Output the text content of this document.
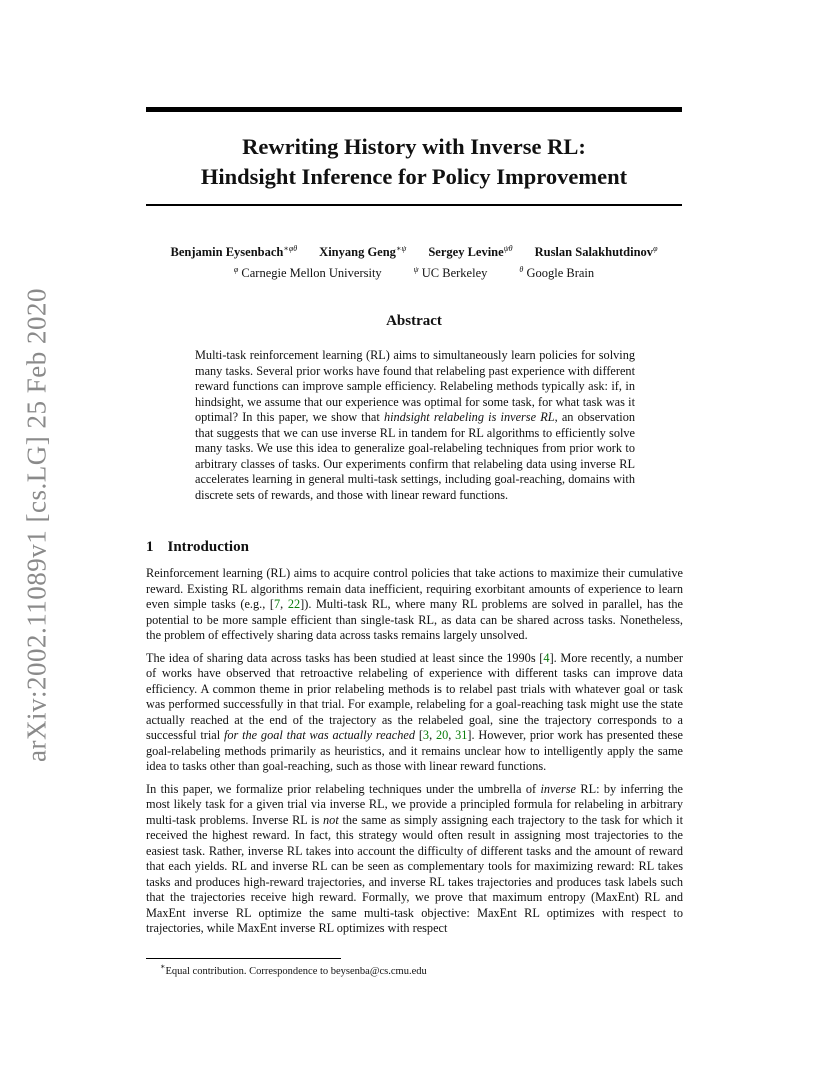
arXiv:2002.11089v1 [cs.LG] 25 Feb 2020
Rewriting History with Inverse RL:
Hindsight Inference for Policy Improvement
Benjamin Eysenbach$^{∗\varphi\theta}$ Xinyang Geng$^{∗\psi}$ Sergey Levine$^{\psi\theta}$ Ruslan Salakhutdinov$^\varphi$
$^\varphi$ Carnegie Mellon University	$^\psi$ UC Berkeley	$^\theta$ Google Brain
Abstract
Multi-task reinforcement learning (RL) aims to simultaneously learn policies for solving many tasks. Several prior works have found that relabeling past experience with different reward functions can improve sample efficiency. Relabeling methods typically ask: if, in hindsight, we assume that our experience was optimal for some task, for what task was it optimal? In this paper, we show that hindsight relabeling is inverse RL, an observation that suggests that we can use inverse RL in tandem for RL algorithms to efficiently solve many tasks. We use this idea to generalize goal-relabeling techniques from prior work to arbitrary classes of tasks. Our experiments confirm that relabeling data using inverse RL accelerates learning in general multi-task settings, including goal-reaching, domains with discrete sets of rewards, and those with linear reward functions.
1 Introduction

Reinforcement learning (RL) aims to acquire control policies that take actions to maximize their cumulative reward. Existing RL algorithms remain data inefficient, requiring exorbitant amounts of experience to learn even simple tasks (e.g., [7, 22]). Multi-task RL, where many RL problems are solved in parallel, has the potential to be more sample efficient than single-task RL, as data can be shared across tasks. Nonetheless, the problem of effectively sharing data across tasks remains largely unsolved.

The idea of sharing data across tasks has been studied at least since the 1990s [4]. More recently, a number of works have observed that retroactive relabeling of experience with different tasks can improve data efficiency. A common theme in prior relabeling methods is to relabel past trials with whatever goal or task was performed successfully in that trial. For example, relabeling for a goal-reaching task might use the state actually reached at the end of the trajectory as the relabeled goal, sine the trajectory corresponds to a successful trial for the goal that was actually reached [3, 20, 31]. However, prior work has presented these goal-relabeling methods primarily as heuristics, and it remains unclear how to intelligently apply the same idea to tasks other than goal-reaching, such as those with linear reward functions.

In this paper, we formalize prior relabeling techniques under the umbrella of inverse RL: by inferring the most likely task for a given trial via inverse RL, we provide a principled formula for relabeling in arbitrary multi-task problems. Inverse RL is not the same as simply assigning each trajectory to the task for which it received the highest reward. In fact, this strategy would often result in assigning most trajectories to the easiest task. Rather, inverse RL takes into account the difficulty of different tasks and the amount of reward that each yields. RL and inverse RL can be seen as complementary tools for maximizing reward: RL takes tasks and produces high-reward trajectories, and inverse RL takes trajectories and produces task labels such that the trajectories receive high reward. Formally, we prove that maximum entropy (MaxEnt) RL and MaxEnt inverse RL optimize the same multi-task objective: MaxEnt RL optimizes with respect to trajectories, while MaxEnt inverse RL optimizes with respect

∗Equal contribution. Correspondence to beysenba@cs.cmu.edu
